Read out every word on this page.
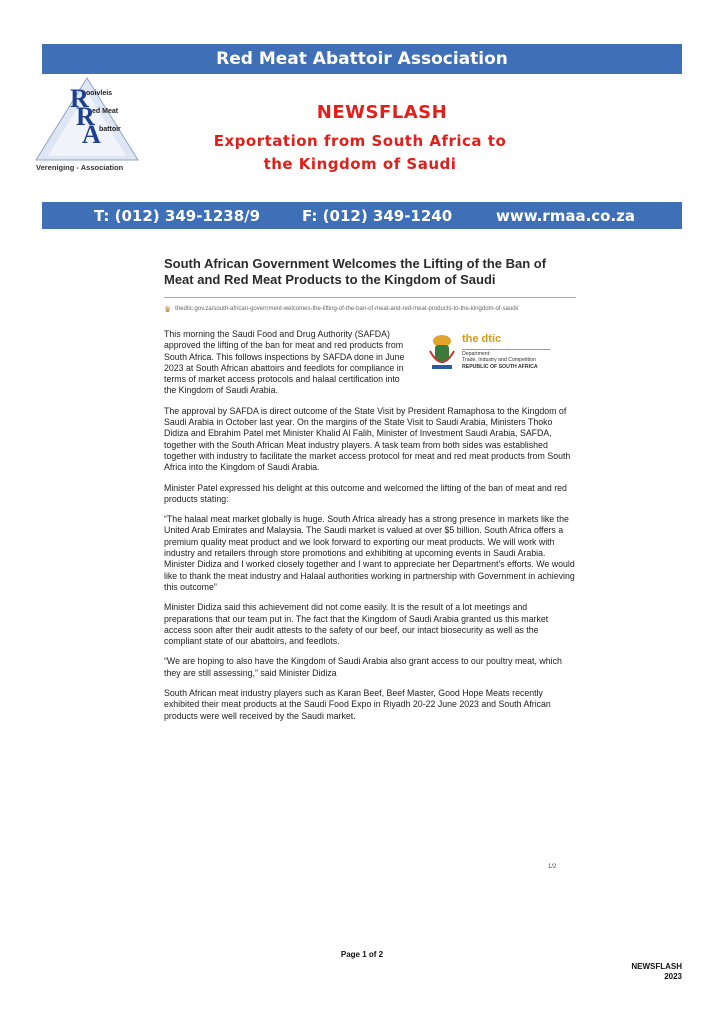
Red Meat Abattoir Association
R
R
A
ooivleis
ed Meat
battoir
Vereniging - Association
NEWSFLASH
Exportation from South Africa to
the Kingdom of Saudi
T: (012) 349-1238/9	F: (012) 349-1240	www.rmaa.co.za
South African Government Welcomes the Lifting of the Ban of Meat and Red Meat Products to the Kingdom of Saudi
♛ thedtic.gov.za/south-african-government-welcomes-the-lifting-of-the-ban-of-meat-and-red-meat-products-to-the-kingdom-of-saudi/

This morning the Saudi Food and Drug Authority (SAFDA) approved the lifting of the ban for meat and red products from South Africa. This follows inspections by SAFDA done in June 2023 at South African abattoirs and feedlots for compliance in terms of market access protocols and halaal certification into the Kingdom of Saudi Arabia.

the dtic
Department:
Trade, Industry and Competition
REPUBLIC OF SOUTH AFRICA

The approval by SAFDA is direct outcome of the State Visit by President Ramaphosa to the Kingdom of Saudi Arabia in October last year. On the margins of the State Visit to Saudi Arabia, Ministers Thoko Didiza and Ebrahim Patel met Minister Khalid Al Falih, Minister of Investment Saudi Arabia, SAFDA, together with the South African Meat industry players. A task team from both sides was established together with industry to facilitate the market access protocol for meat and red meat products from South Africa into the Kingdom of Saudi Arabia.

Minister Patel expressed his delight at this outcome and welcomed the lifting of the ban of meat and red products stating:

“The halaal meat market globally is huge. South Africa already has a strong presence in markets like the United Arab Emirates and Malaysia. The Saudi market is valued at over $5 billion. South Africa offers a premium quality meat product and we look forward to exporting our meat products. We will work with industry and retailers through store promotions and exhibiting at upcoming events in Saudi Arabia. Minister Didiza and I worked closely together and I want to appreciate her Department’s efforts. We would like to thank the meat industry and Halaal authorities working in partnership with Government in achieving this outcome”

Minister Didiza said this achievement did not come easily. It is the result of a lot meetings and preparations that our team put in. The fact that the Kingdom of Saudi Arabia granted us this market access soon after their audit attests to the safety of our beef, our intact biosecurity as well as the compliant state of our abattoirs, and feedlots.

“We are hoping to also have the Kingdom of Saudi Arabia also grant access to our poultry meat, which they are still assessing,” said Minister Didiza

South African meat industry players such as Karan Beef, Beef Master, Good Hope Meats recently exhibited their meat products at the Saudi Food Expo in Riyadh 20-22 June 2023 and South African products were well received by the Saudi market.

1/2
Page 1 of 2
NEWSFLASH
2023
